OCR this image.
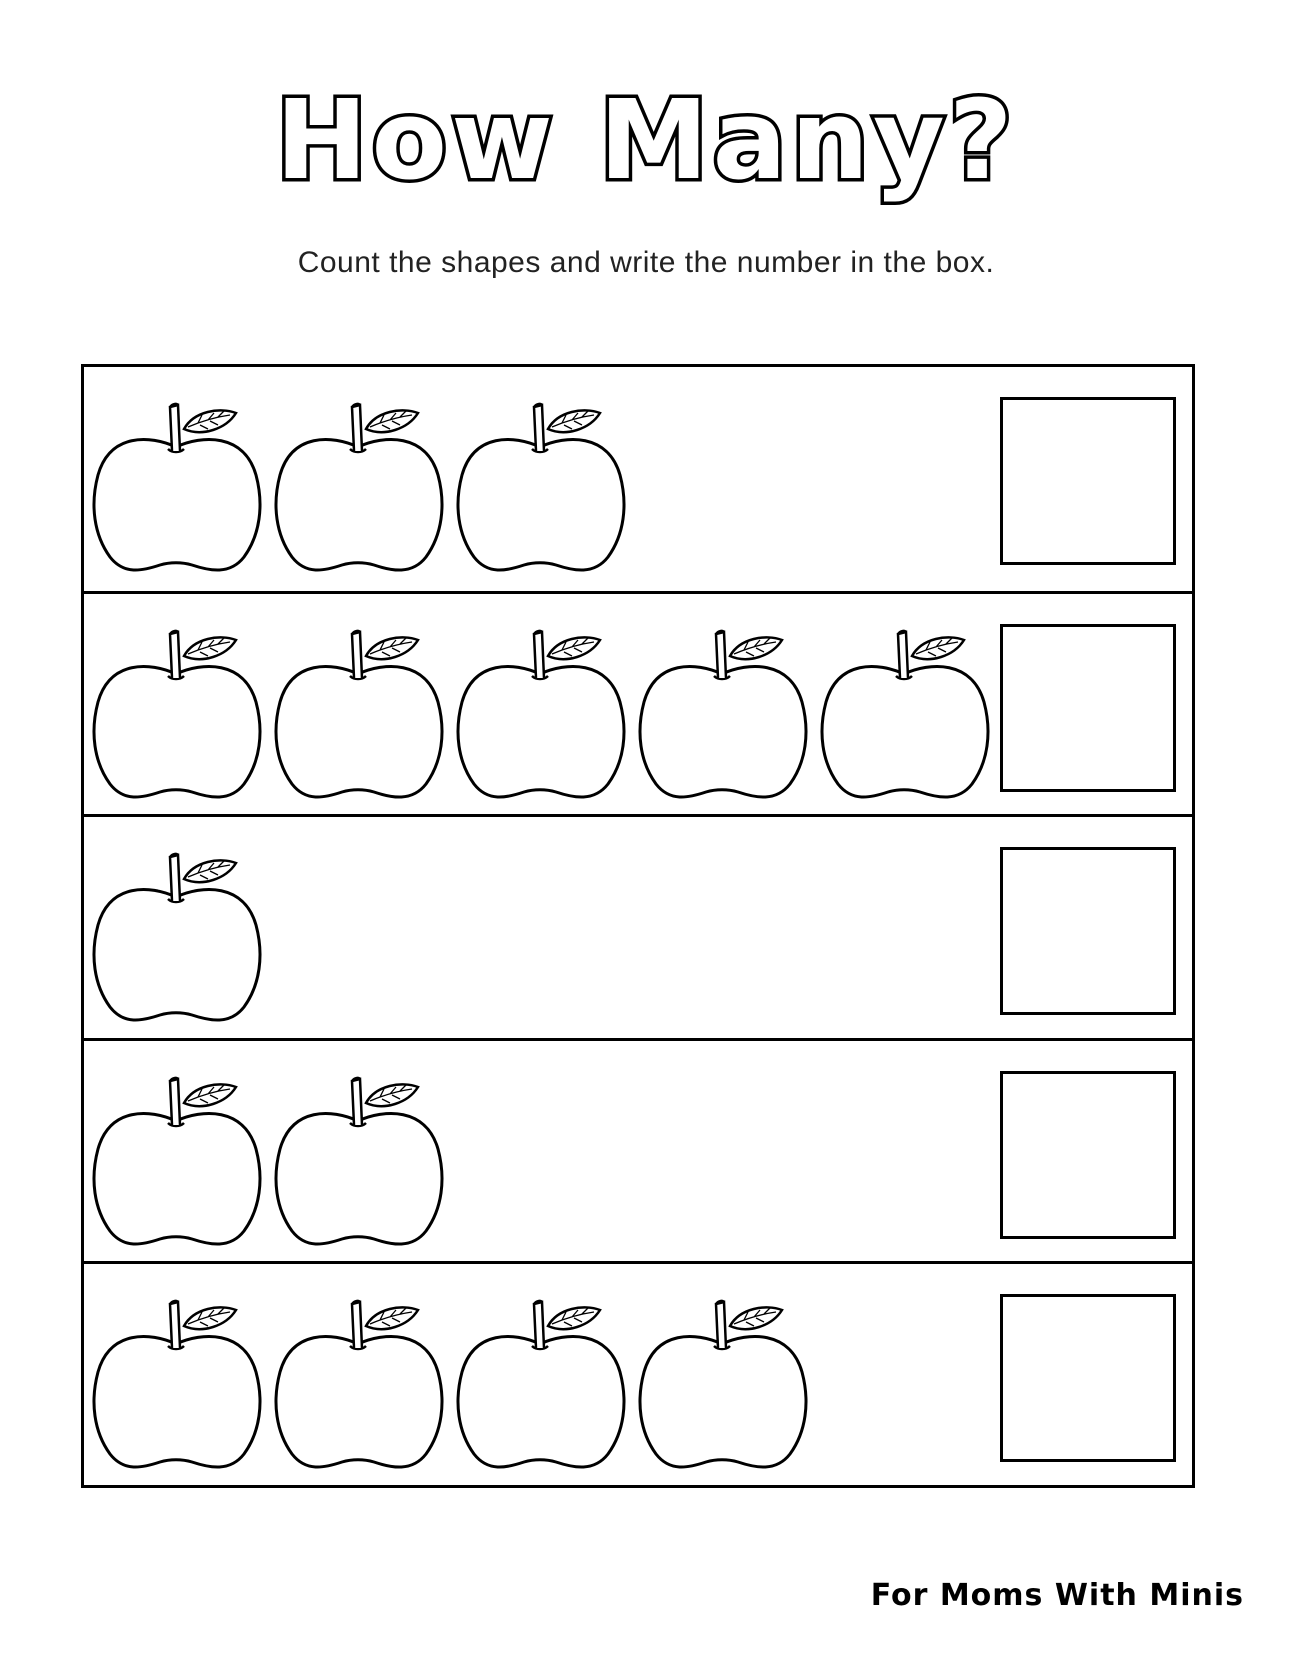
How Many?
Count the shapes and write the number in the box.
For Moms With Minis
